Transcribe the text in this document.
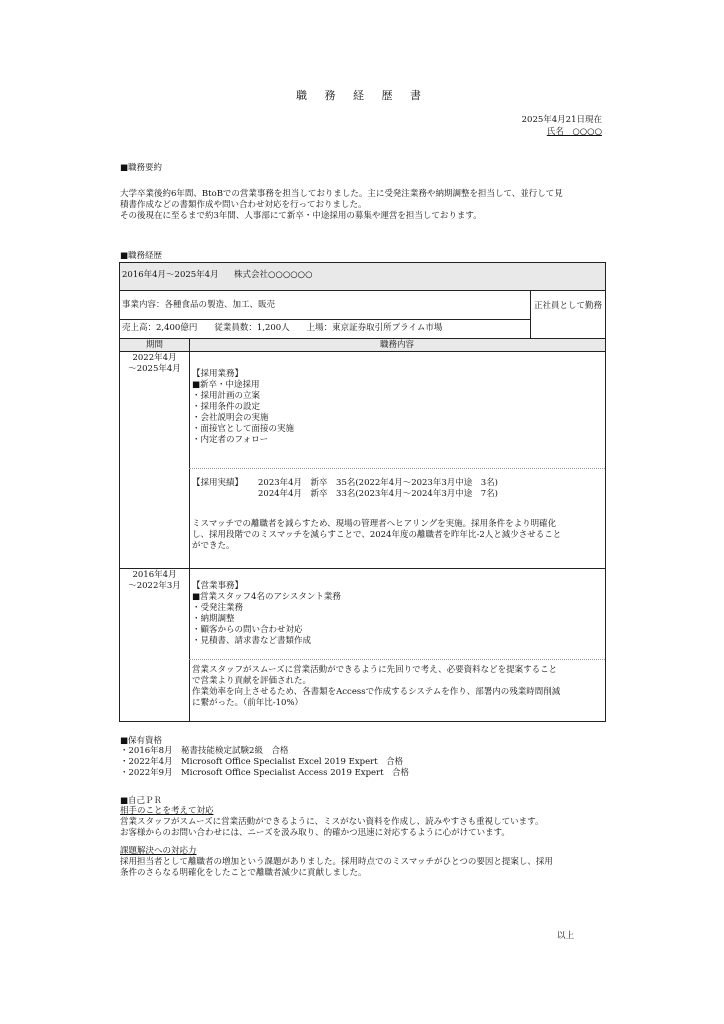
職 務 経 歴 書
2025年4月21日現在
氏名　○○○○
■職務要約
大学卒業後約6年間、BtoBでの営業事務を担当しておりました。主に受発注業務や納期調整を担当して、並行して見
積書作成などの書類作成や問い合わせ対応を行っておりました。
その後現在に至るまで約3年間、人事部にて新卒・中途採用の募集や運営を担当しております。
■職務経歴
2016年4月～2025年4月 株式会社○○○○○○
事業内容：各種食品の製造、加工、販売	正社員として勤務
売上高：2,400億円　　従業員数：1,200人　　上場：東京証券取引所プライム市場
期間	職務内容
2022年4月
～2025年4月	【採用業務】
■新卒・中途採用
・採用計画の立案
・採用条件の設定
・会社説明会の実施
・面接官として面接の実施
・内定者のフォロー
【採用実績】 2023年4月　新卒　35名(2022年4月～2023年3月中途　3名)
2024年4月　新卒　33名(2023年4月～2024年3月中途　7名)
ミスマッチでの離職者を減らすため、現場の管理者へヒアリングを実施。採用条件をより明確化
し、採用段階でのミスマッチを減らすことで、2024年度の離職者を昨年比-2人と減少させること
ができた。
2016年4月
～2022年3月	【営業事務】
■営業スタッフ4名のアシスタント業務
・受発注業務
・納期調整
・顧客からの問い合わせ対応
・見積書、請求書など書類作成
営業スタッフがスムーズに営業活動ができるように先回りで考え、必要資料などを提案すること
で営業より貢献を評価された。
作業効率を向上させるため、各書類をAccessで作成するシステムを作り、部署内の残業時間削減
に繋がった。（前年比-10%）
■保有資格
・2016年8月　秘書技能検定試験2級　合格
・2022年4月　Microsoft Office Specialist Excel 2019 Expert　合格
・2022年9月　Microsoft Office Specialist Access 2019 Expert　合格
■自己ＰＲ
相手のことを考えて対応
営業スタッフがスムーズに営業活動ができるように、ミスがない資料を作成し、読みやすさも重視しています。
お客様からのお問い合わせには、ニーズを汲み取り、的確かつ迅速に対応するように心がけています。
課題解決への対応力
採用担当者として離職者の増加という課題がありました。採用時点でのミスマッチがひとつの要因と提案し、採用
条件のさらなる明確化をしたことで離職者減少に貢献しました。
以上
